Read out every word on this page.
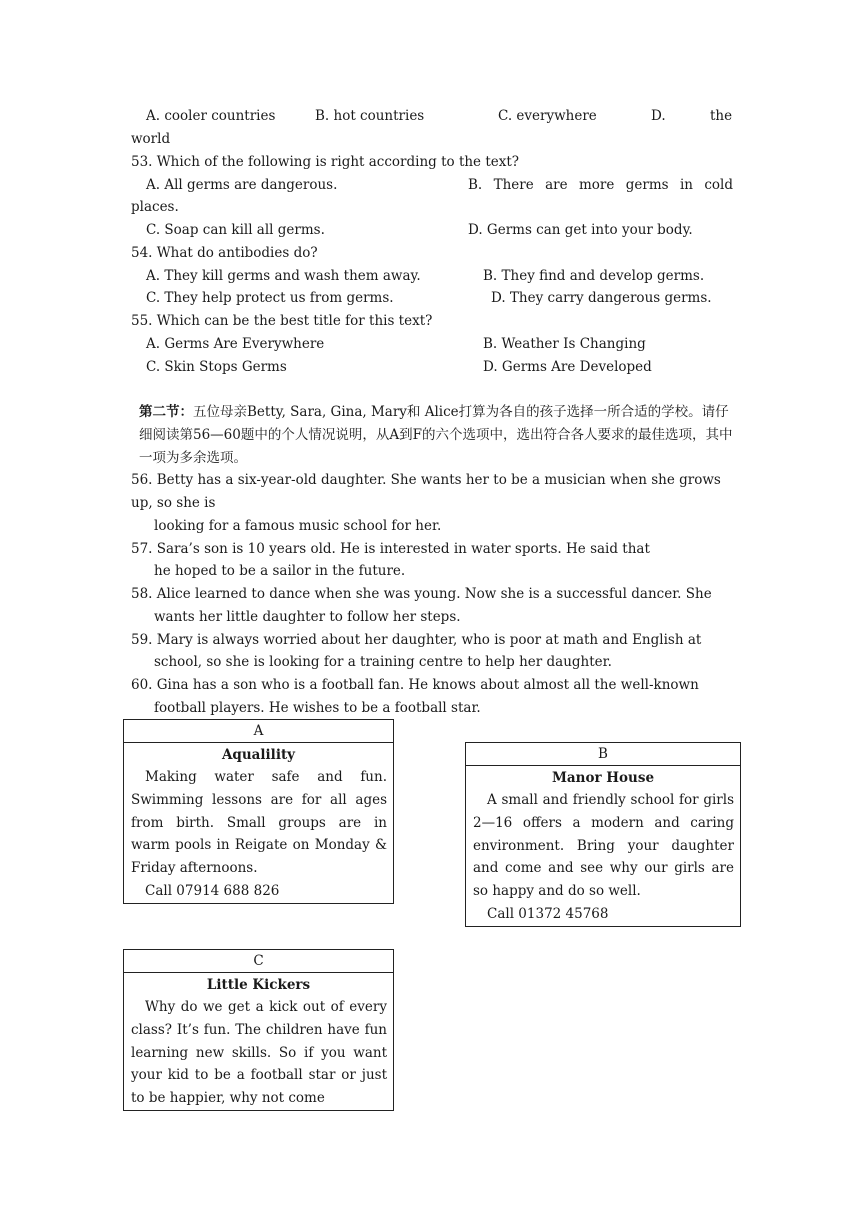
A. cooler countries	B. hot countries	C. everywhere	D.	the
world
53. Which of the following is right according to the text?
A. All germs are dangerous.	B. There are more germs in cold
places.
C. Soap can kill all germs.	D. Germs can get into your body.
54. What do antibodies do?
A. They kill germs and wash them away.	B. They find and develop germs.
C. They help protect us from germs.	D. They carry dangerous germs.
55. Which can be the best title for this text?
A. Germs Are Everywhere	B. Weather Is Changing
C. Skin Stops Germs	D. Germs Are Developed
第二节：五位母亲Betty, Sara, Gina, Mary和 Alice打算为各自的孩子选择一所合适的学校。请仔细阅读第56—60题中的个人情况说明，从A到F的六个选项中，选出符合各人要求的最佳选项，其中一项为多余选项。
56. Betty has a six-year-old daughter. She wants her to be a musician when she grows
up, so she is
looking for a famous music school for her.
57. Sara’s son is 10 years old. He is interested in water sports. He said that
he hoped to be a sailor in the future.
58. Alice learned to dance when she was young. Now she is a successful dancer. She
wants her little daughter to follow her steps.
59. Mary is always worried about her daughter, who is poor at math and English at
school, so she is looking for a training centre to help her daughter.
60. Gina has a son who is a football fan. He knows about almost all the well-known
football players. He wishes to be a football star.
A
Aqualility
Making water safe and fun. Swimming lessons are for all ages from birth. Small groups are in warm pools in Reigate on Monday & Friday afternoons.
Call 07914 688 826
B
Manor House
A small and friendly school for girls 2—16 offers a modern and caring environment. Bring your daughter and come and see why our girls are so happy and do so well.
Call 01372 45768
C
Little Kickers
Why do we get a kick out of every class? It’s fun. The children have fun learning new skills. So if you want your kid to be a football star or just to be happier, why not come
